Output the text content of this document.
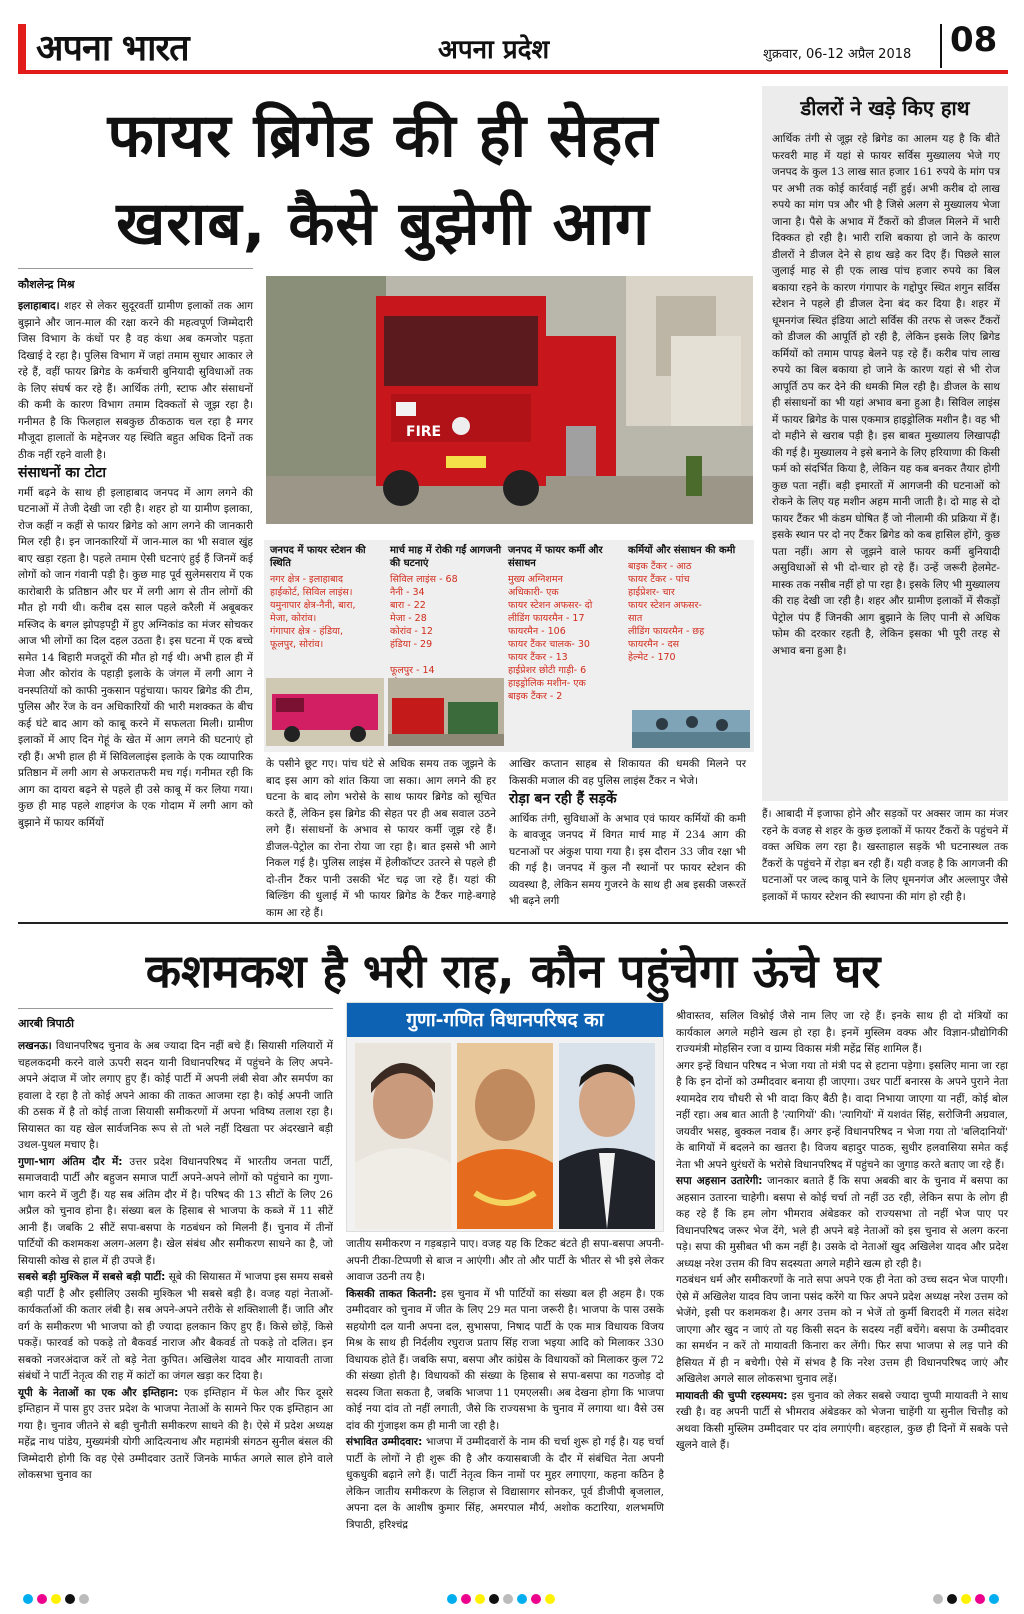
अपना भारत	अपना प्रदेश	शुक्रवार, 06-12 अप्रैल 2018 08
फायर ब्रिगेड की ही सेहत
खराब, कैसे बुझेगी आग
डीलरों ने खड़े किए हाथ
आर्थिक तंगी से जूझ रहे ब्रिगेड का आलम यह है कि बीते फरवरी माह में यहां से फायर सर्विस मुख्यालय भेजे गए जनपद के कुल 13 लाख सात हजार 161 रुपये के मांग पत्र पर अभी तक कोई कार्रवाई नहीं हुई। अभी करीब दो लाख रुपये का मांग पत्र और भी है जिसे अलग से मुख्यालय भेजा जाना है। पैसे के अभाव में टैंकरों को डीजल मिलने में भारी दिक्कत हो रही है। भारी राशि बकाया हो जाने के कारण डीलरों ने डीजल देने से हाथ खड़े कर दिए हैं। पिछले साल जुलाई माह से ही एक लाख पांच हजार रुपये का बिल बकाया रहने के कारण गंगापार के गद्दोपुर स्थित शगुन सर्विस स्टेशन ने पहले ही डीजल देना बंद कर दिया है। शहर में धूमनगंज स्थित इंडिया आटो सर्विस की तरफ से जरूर टैंकरों को डीजल की आपूर्ति हो रही है, लेकिन इसके लिए ब्रिगेड कर्मियों को तमाम पापड़ बेलने पड़ रहे हैं। करीब पांच लाख रुपये का बिल बकाया हो जाने के कारण यहां से भी रोज आपूर्ति ठप कर देने की धमकी मिल रही है। डीजल के साथ ही संसाधनों का भी यहां अभाव बना हुआ है। सिविल लाइंस में फायर ब्रिगेड के पास एकमात्र हाइड्रोलिक मशीन है। वह भी दो महीने से खराब पड़ी है। इस बाबत मुख्यालय लिखापढ़ी की गई है। मुख्यालय ने इसे बनाने के लिए हरियाणा की किसी फर्म को संदर्भित किया है, लेकिन यह कब बनकर तैयार होगी कुछ पता नहीं। बड़ी इमारतों में आगजनी की घटनाओं को रोकने के लिए यह मशीन अहम मानी जाती है। दो माह से दो फायर टैंकर भी कंडम घोषित हैं जो नीलामी की प्रक्रिया में हैं। इसके स्थान पर दो नए टैंकर ब्रिगेड को कब हासिल होंगे, कुछ पता नहीं। आग से जूझने वाले फायर कर्मी बुनियादी असुविधाओं से भी दो-चार हो रहे हैं। उन्हें जरूरी हेलमेट-मास्क तक नसीब नहीं हो पा रहा है। इसके लिए भी मुख्यालय की राह देखी जा रही है। शहर और ग्रामीण इलाकों में सैकड़ों पेट्रोल पंप हैं जिनकी आग बुझाने के लिए पानी से अधिक फोम की दरकार रहती है, लेकिन इसका भी पूरी तरह से अभाव बना हुआ है।
कौशलेन्द्र मिश्र
इलाहाबाद। शहर से लेकर सुदूरवर्ती ग्रामीण इलाकों तक आग बुझाने और जान-माल की रक्षा करने की महत्वपूर्ण जिम्मेदारी जिस विभाग के कंधों पर है वह कंधा अब कमजोर पड़ता दिखाई दे रहा है। पुलिस विभाग में जहां तमाम सुधार आकार ले रहे हैं, वहीं फायर ब्रिगेड के कर्मचारी बुनियादी सुविधाओं तक के लिए संघर्ष कर रहे हैं। आर्थिक तंगी, स्टाफ और संसाधनों की कमी के कारण विभाग तमाम दिक्कतों से जूझ रहा है। गनीमत है कि फिलहाल सबकुछ ठीकठाक चल रहा है मगर मौजूदा हालातों के मद्देनजर यह स्थिति बहुत अधिक दिनों तक ठीक नहीं रहने वाली है।
संसाधनों का टोटा
गर्मी बढ़ने के साथ ही इलाहाबाद जनपद में आग लगने की घटनाओं में तेजी देखी जा रही है। शहर हो या ग्रामीण इलाका, रोज कहीं न कहीं से फायर ब्रिगेड को आग लगने की जानकारी मिल रही है। इन जानकारियों में जान-माल का भी सवाल खुंह बाए खड़ा रहता है। पहले तमाम ऐसी घटनाएं हुई हैं जिनमें कई लोगों को जान गंवानी पड़ी है। कुछ माह पूर्व सुलेमसराय में एक कारोबारी के प्रतिष्ठान और घर में लगी आग से तीन लोगों की मौत हो गयी थी। करीब दस साल पहले करैली में अबूबकर मस्जिद के बगल झोपड़पट्टी में हुए अग्निकांड का मंजर सोचकर आज भी लोगों का दिल दहल उठता है। इस घटना में एक बच्चे समेत 14 बिहारी मजदूरों की मौत हो गई थी। अभी हाल ही में मेजा और कोरांव के पहाड़ी इलाके के जंगल में लगी आग ने वनस्पतियों को काफी नुकसान पहुंचाया। फायर ब्रिगेड की टीम, पुलिस और रेंज के वन अधिकारियों की भारी मशक्कत के बीच कई घंटे बाद आग को काबू करने में सफलता मिली। ग्रामीण इलाकों में आए दिन गेहूं के खेत में आग लगने की घटनाएं हो रही हैं। अभी हाल ही में सिविललाइंस इलाके के एक व्यापारिक प्रतिष्ठान में लगी आग से अफरातफरी मच गई। गनीमत रही कि आग का दायरा बढ़ने से पहले ही उसे काबू में कर लिया गया। कुछ ही माह पहले शाहगंज के एक गोदाम में लगी आग को बुझाने में फायर कर्मियों
FIRE
जनपद में फायर स्टेशन की स्थिति
नगर क्षेत्र - इलाहाबाद
हाईकोर्ट, सिविल लाइंस।
यमुनापार क्षेत्र-नैनी, बारा,
मेजा, कोरांव।
गंगापार क्षेत्र - हंडिया,
फूलपुर, सोरांव।
मार्च माह में रोकी गईं आगजनी की घटनाएं
सिविल लाइंस - 68
नैनी - 34
बारा - 22
मेजा - 28
कोरांव - 12
हंडिया - 29
फूलपुर - 14
जनपद में फायर कर्मी और संसाधन
मुख्य अग्निशमन
अधिकारी- एक
फायर स्टेशन अफसर- दो
लीडिंग फायरमैन - 17
फायरमैन - 106
फायर टैंकर चालक- 30
फायर टैंकर - 13
हाईप्रेशर छोटी गाड़ी- 6
हाइड्रोलिक मशीन- एक
बाइक टैंकर - 2
कर्मियों और संसाधन की कमी
बाइक टैंकर - आठ
फायर टैंकर - पांच
हाईप्रेशर- चार
फायर स्टेशन अफसर-
सात
लीडिंग फायरमैन - छह
फायरमैन - दस
हेल्मेट - 170
के पसीने छूट गए। पांच घंटे से अधिक समय तक जूझने के बाद इस आग को शांत किया जा सका। आग लगने की हर घटना के बाद लोग भरोसे के साथ फायर ब्रिगेड को सूचित करते हैं, लेकिन इस ब्रिगेड की सेहत पर ही अब सवाल उठने लगे हैं। संसाधनों के अभाव से फायर कर्मी जूझ रहे हैं। डीजल-पेट्रोल का रोना रोया जा रहा है। बात इससे भी आगे निकल गई है। पुलिस लाइंस में हेलीकॉप्टर उतरने से पहले ही दो-तीन टैंकर पानी उसकी भेंट चढ़ जा रहे हैं। यहां की बिल्डिंग की धुलाई में भी फायर ब्रिगेड के टैंकर गाहे-बगाहे काम आ रहे हैं।
आखिर कप्तान साहब से शिकायत की धमकी मिलने पर किसकी मजाल की वह पुलिस लाइंस टैंकर न भेजे।
रोड़ा बन रही हैं सड़कें
आर्थिक तंगी, सुविधाओं के अभाव एवं फायर कर्मियों की कमी के बावजूद जनपद में विगत मार्च माह में 234 आग की घटनाओं पर अंकुश पाया गया है। इस दौरान 33 जीव रक्षा भी की गई है। जनपद में कुल नौ स्थानों पर फायर स्टेशन की व्यवस्था है, लेकिन समय गुजरने के साथ ही अब इसकी जरूरतें भी बढ़ने लगी
हैं। आबादी में इजाफा होने और सड़कों पर अक्सर जाम का मंजर रहने के वजह से शहर के कुछ इलाकों में फायर टैंकरों के पहुंचने में वक्त अधिक लग रहा है। खस्ताहाल सड़कें भी घटनास्थल तक टैंकरों के पहुंचने में रोड़ा बन रही हैं। यही वजह है कि आगजनी की घटनाओं पर जल्द काबू पाने के लिए धूमनगंज और अल्लापुर जैसे इलाकों में फायर स्टेशन की स्थापना की मांग हो रही है।
कशमकश है भरी राह, कौन पहुंचेगा ऊंचे घर
आरबी त्रिपाठी
लखनऊ। विधानपरिषद चुनाव के अब ज्यादा दिन नहीं बचे हैं। सियासी गलियारों में चहलकदमी करने वाले ऊपरी सदन यानी विधानपरिषद में पहुंचने के लिए अपने-अपने अंदाज में जोर लगाए हुए हैं। कोई पार्टी में अपनी लंबी सेवा और समर्पण का हवाला दे रहा है तो कोई अपने आका की ताकत आजमा रहा है। कोई अपनी जाति की ठसक में है तो कोई ताजा सियासी समीकरणों में अपना भविष्य तलाश रहा है। सियासत का यह खेल सार्वजनिक रूप से तो भले नहीं दिखता पर अंदरखाने बड़ी उथल-पुथल मचाए है।
गुणा-भाग अंतिम दौर में: उत्तर प्रदेश विधानपरिषद में भारतीय जनता पार्टी, समाजवादी पार्टी और बहुजन समाज पार्टी अपने-अपने लोगों को पहुंचाने का गुणा-भाग करने में जुटी हैं। यह सब अंतिम दौर में है। परिषद की 13 सीटों के लिए 26 अप्रैल को चुनाव होना है। संख्या बल के हिसाब से भाजपा के कब्जे में 11 सीटें आनी हैं। जबकि 2 सीटें सपा-बसपा के गठबंधन को मिलनी हैं। चुनाव में तीनों पार्टियों की कशमकश अलग-अलग है। खेल संबंध और समीकरण साधने का है, जो सियासी कोख से हाल में ही उपजे हैं।
सबसे बड़ी मुश्किल में सबसे बड़ी पार्टी: सूबे की सियासत में भाजपा इस समय सबसे बड़ी पार्टी है और इसीलिए उसकी मुश्किल भी सबसे बड़ी है। वजह यहां नेताओं-कार्यकर्ताओं की कतार लंबी है। सब अपने-अपने तरीके से शक्तिशाली हैं। जाति और वर्ग के समीकरण भी भाजपा को ही ज्यादा हलकान किए हुए हैं। किसे छोड़ें, किसे पकड़ें। फारवर्ड को पकड़े तो बैकवर्ड नाराज और बैकवर्ड तो पकड़े तो दलित। इन सबको नजरअंदाज करें तो बड़े नेता कुपित। अखिलेश यादव और मायावती ताजा संबंधों ने पार्टी नेतृत्व की राह में कांटों का जंगल खड़ा कर दिया है।
यूपी के नेताओं का एक और इम्तिहान: एक इम्तिहान में फेल और फिर दूसरे इम्तिहान में पास हुए उत्तर प्रदेश के भाजपा नेताओं के सामने फिर एक इम्तिहान आ गया है। चुनाव जीतने से बड़ी चुनौती समीकरण साधने की है। ऐसे में प्रदेश अध्यक्ष महेंद्र नाथ पांडेय, मुख्यमंत्री योगी आदित्यनाथ और महामंत्री संगठन सुनील बंसल की जिम्मेदारी होगी कि वह ऐसे उम्मीदवार उतारें जिनके मार्फत अगले साल होने वाले लोकसभा चुनाव का
गुणा-गणित विधानपरिषद का
जातीय समीकरण न गड़बड़ाने पाए। वजह यह कि टिकट बंटते ही सपा-बसपा अपनी-अपनी टीका-टिप्पणी से बाज न आएंगी। और तो और पार्टी के भीतर से भी इसे लेकर आवाज उठनी तय है।
किसकी ताकत कितनी: इस चुनाव में भी पार्टियों का संख्या बल ही अहम है। एक उम्मीदवार को चुनाव में जीत के लिए 29 मत पाना जरूरी है। भाजपा के पास उसके सहयोगी दल यानी अपना दल, सुभासपा, निषाद पार्टी के एक मात्र विधायक विजय मिश्र के साथ ही निर्दलीय रघुराज प्रताप सिंह राजा भइया आदि को मिलाकर 330 विधायक होते हैं। जबकि सपा, बसपा और कांग्रेस के विधायकों को मिलाकर कुल 72 की संख्या होती है। विधायकों की संख्या के हिसाब से सपा-बसपा का गठजोड़ दो सदस्य जिता सकता है, जबकि भाजपा 11 एमएलसी। अब देखना होगा कि भाजपा कोई नया दांव तो नहीं लगाती, जैसे कि राज्यसभा के चुनाव में लगाया था। वैसे उस दांव की गुंजाइश कम ही मानी जा रही है।
संभावित उम्मीदवार: भाजपा में उम्मीदवारों के नाम की चर्चा शुरू हो गई है। यह चर्चा पार्टी के लोगों ने ही शुरू की है और कयासबाजी के दौर में संबंधित नेता अपनी धुकधुकी बढ़ाने लगे हैं। पार्टी नेतृत्व किन नामों पर मुहर लगाएगा, कहना कठिन है लेकिन जातीय समीकरण के लिहाज से विद्यासागर सोनकर, पूर्व डीजीपी बृजलाल, अपना दल के आशीष कुमार सिंह, अमरपाल मौर्य, अशोक कटारिया, शलभमणि त्रिपाठी, हरिश्चंद्र
श्रीवास्तव, सलिल विश्नोई जैसे नाम लिए जा रहे हैं। इनके साथ ही दो मंत्रियों का कार्यकाल अगले महीने खत्म हो रहा है। इनमें मुस्लिम वक्फ और विज्ञान-प्रौद्योगिकी राज्यमंत्री मोहसिन रजा व ग्राम्य विकास मंत्री महेंद्र सिंह शामिल हैं।
अगर इन्हें विधान परिषद न भेजा गया तो मंत्री पद से हटाना पड़ेगा। इसलिए माना जा रहा है कि इन दोनों को उम्मीदवार बनाया ही जाएगा। उधर पार्टी बनारस के अपने पुराने नेता श्यामदेव राय चौधरी से भी वादा किए बैठी है। वादा निभाया जाएगा या नहीं, कोई बोल नहीं रहा। अब बात आती है 'त्यागियों' की। 'त्यागियों' में यशवंत सिंह, सरोजिनी अग्रवाल, जयवीर भसह, बुक्कल नवाब हैं। अगर इन्हें विधानपरिषद न भेजा गया तो 'बलिदानियों' के बागियों में बदलने का खतरा है। विजय बहादुर पाठक, सुधीर हलवासिया समेत कई नेता भी अपने धुरंधरों के भरोसे विधानपरिषद में पहुंचने का जुगाड़ करते बताए जा रहे हैं।
सपा अहसान उतारेगी: जानकार बताते हैं कि सपा अबकी बार के चुनाव में बसपा का अहसान उतारना चाहेगी। बसपा से कोई चर्चा तो नहीं उठ रही, लेकिन सपा के लोग ही कह रहे हैं कि हम लोग भीमराव अंबेडकर को राज्यसभा तो नहीं भेज पाए पर विधानपरिषद जरूर भेज देंगे, भले ही अपने बड़े नेताओं को इस चुनाव से अलग करना पड़े। सपा की मुसीबत भी कम नहीं है। उसके दो नेताओं खुद अखिलेश यादव और प्रदेश अध्यक्ष नरेश उत्तम की विप सदस्यता अगले महीने खत्म हो रही है।
गठबंधन धर्म और समीकरणों के नाते सपा अपने एक ही नेता को उच्च सदन भेज पाएगी। ऐसे में अखिलेश यादव विप जाना पसंद करेंगे या फिर अपने प्रदेश अध्यक्ष नरेश उत्तम को भेजेंगे, इसी पर कशमकश है। अगर उत्तम को न भेजें तो कुर्मी बिरादरी में गलत संदेश जाएगा और खुद न जाएं तो यह किसी सदन के सदस्य नहीं बचेंगे। बसपा के उम्मीदवार का समर्थन न करें तो मायावती किनारा कर लेंगी। फिर सपा भाजपा से लड़ पाने की हैसियत में ही न बचेगी। ऐसे में संभव है कि नरेश उत्तम ही विधानपरिषद जाएं और अखिलेश अगले साल लोकसभा चुनाव लड़ें।
मायावती की चुप्पी रहस्यमय: इस चुनाव को लेकर सबसे ज्यादा चुप्पी मायावती ने साध रखी है। वह अपनी पार्टी से भीमराव अंबेडकर को भेजना चाहेंगी या सुनील चित्तौड़ को अथवा किसी मुस्लिम उम्मीदवार पर दांव लगाएंगी। बहरहाल, कुछ ही दिनों में सबके पत्ते खुलने वाले हैं।
